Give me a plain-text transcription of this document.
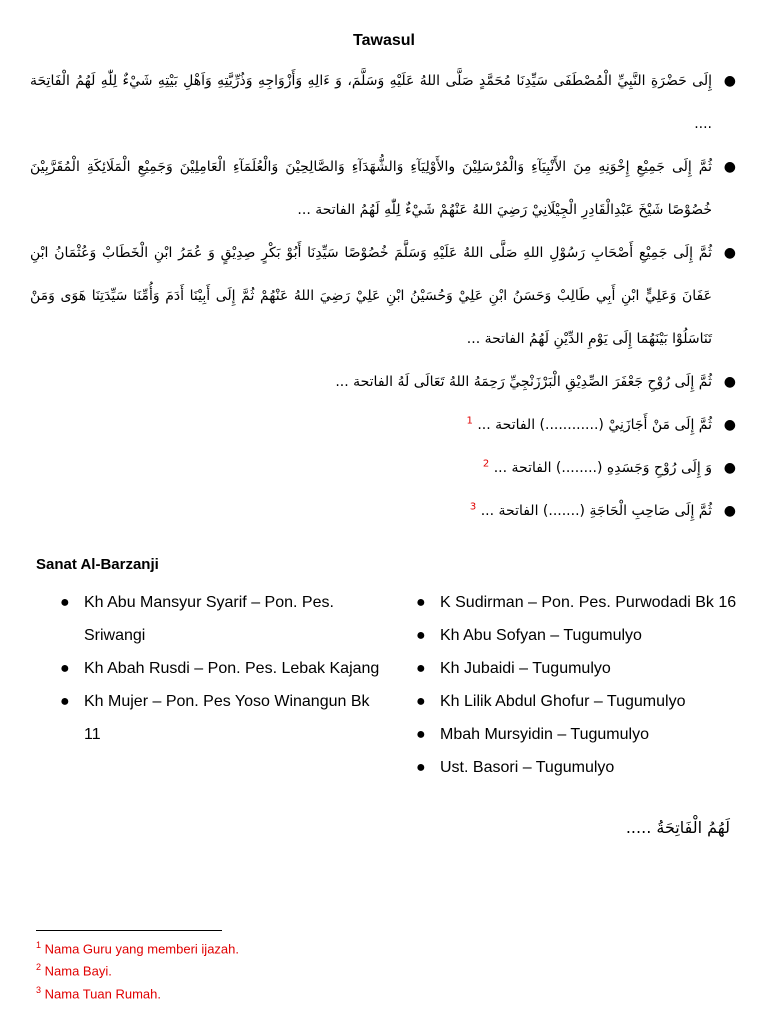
Tawasul
●
إِلَى حَضْرَةِ النَّبِيِّ الْمُصْطَفَى سَيِّدِنَا مُحَمَّدٍ صَلَّى اللهُ عَلَيْهِ وَسَلَّمَ، وَ ءَالِهِ وَأَزْوَاجِهِ وَذُرِّيَّتِهِ وَاَهْلِ بَيْتِهِ شَيْءٌ لِلّٰهِ لَهُمُ الْفَاتِحَة ....
●
ثُمَّ إِلَى جَمِيْعِ إِخْوَنِهِ مِنَ الأَنْبِيَآءِ وَالْمُرْسَلِيْنَ والأَوْلِيَآءِ وَالشُّهَدَآءِ وَالصَّالِحِيْنَ وَالْعُلَمَآءِ الْعَامِلِيْنَ وَجَمِيْعِ الْمَلَائِكَةِ الْمُقَرَّبِيْنَ خُصُوْصًا شَيْخَ عَبْدِالْقَادِرِ الْجِيْلَانِيْ رَضِيَ اللهُ عَنْهُمْ شَيْءٌ لِلّٰهِ لَهُمُ الفاتحة ...
●
ثُمَّ إِلَى جَمِيْعِ أَصْحَابِ رَسُوْلِ اللهِ صَلَّى اللهُ عَلَيْهِ وَسَلَّمَ خُصُوْصًا سَيِّدِنَا أَبُوْ بَكْرٍ صِدِيْقٍ وَ عُمَرُ ابْنِ الْخَطَابْ وَعُثْمَانُ ابْنِ عَفَانَ وَعَلِيٍّ ابْنِ أَبِي طَالِبْ وَحَسَنُ ابْنِ عَلِيْ وَحُسَيْنُ ابْنِ عَلِيْ رَضِيَ اللهُ عَنْهُمْ ثُمَّ إِلَى أَبِيْنَا أَدَمَ وَأُمِّنَا سَيِّدَتِنَا هَوَى وَمَنْ تَنَاسَلُوْا بَيْنَهُمَا إِلَى يَوْمِ الدِّيْنِ لَهُمُ الفاتحة ...
●
ثُمَّ إِلَى رُوْحِ جَعْفَرَ الصِّدِيْقِ الْبَرْزَنْجِيِّ رَحِمَهُ اللهُ تَعَالَى لَهُ الفاتحة ...
●
ثُمَّ إِلَى مَنْ أَجَازَنِيْ (............) الفاتحة ... $^1$
●
وَ إِلَى رُوْحِ وَجَسَدِهِ (........) الفاتحة ... $^2$
●
ثُمَّ إِلَى صَاحِبِ الْحَاجَةِ (.......) الفاتحة ... $^3$
Sanat Al-Barzanji
● Kh Abu Mansyur Syarif – Pon. Pes. Sriwangi
● Kh Abah Rusdi – Pon. Pes. Lebak Kajang
● Kh Mujer – Pon. Pes Yoso Winangun Bk 11
● K Sudirman – Pon. Pes. Purwodadi Bk 16
● Kh Abu Sofyan – Tugumulyo
● Kh Jubaidi – Tugumulyo
● Kh Lilik Abdul Ghofur – Tugumulyo
● Mbah Mursyidin – Tugumulyo
● Ust. Basori – Tugumulyo
لَهُمُ الْفَاتِحَةُ .....
$^1$ Nama Guru yang memberi ijazah.
$^2$ Nama Bayi.
$^3$ Nama Tuan Rumah.
